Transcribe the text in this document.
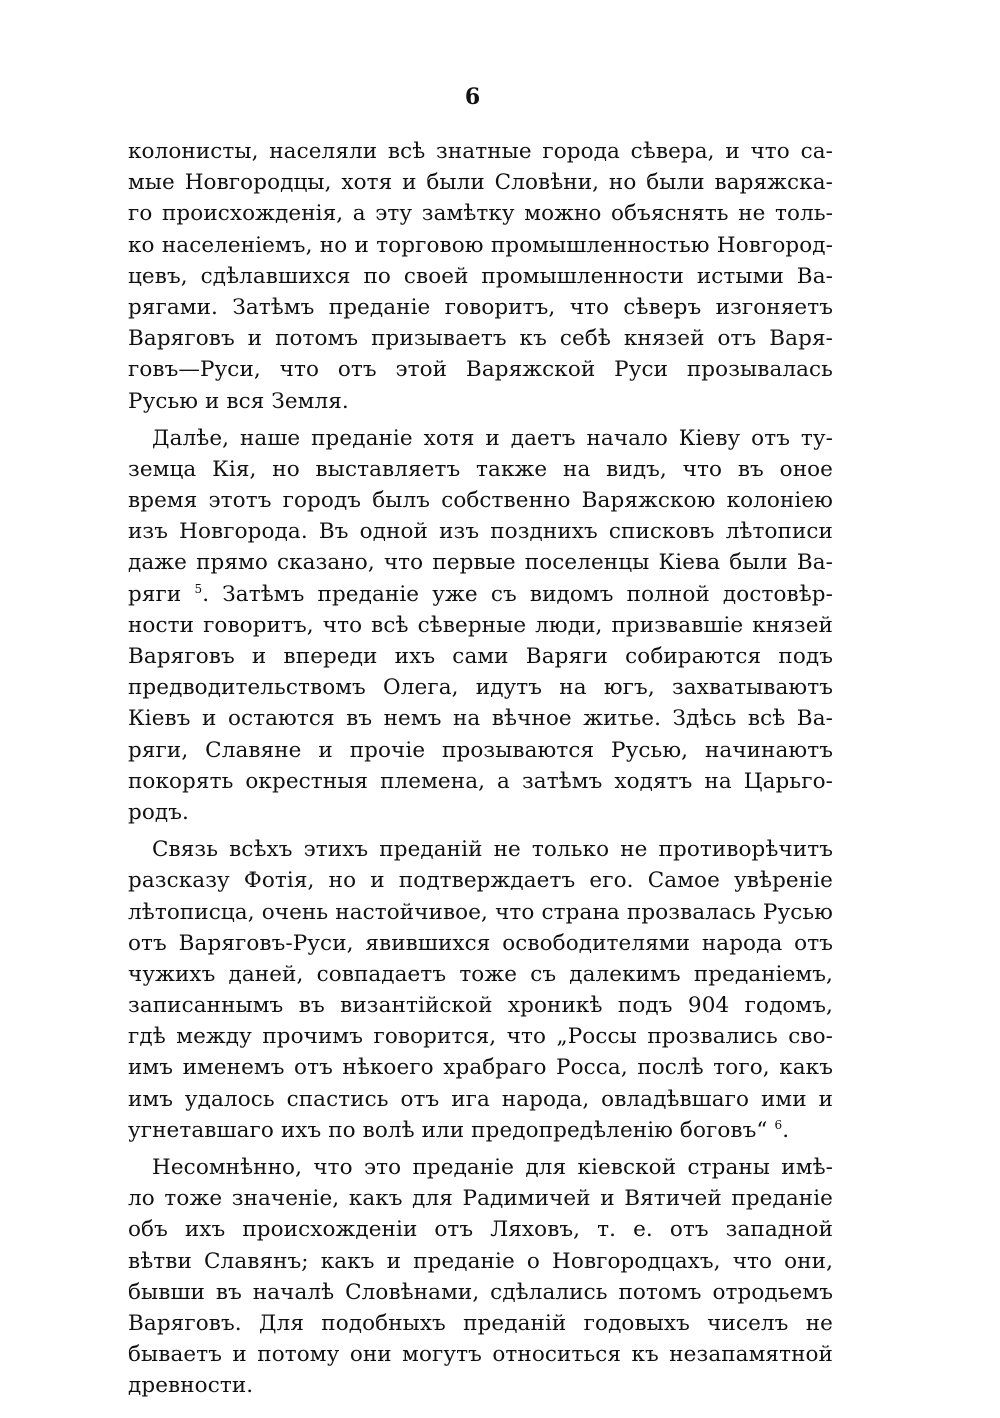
6

колонисты, населяли всѣ знатные города сѣвера, и что са-
мые Новгородцы, хотя и были Словѣни, но были варяжска-
го происхожденія, а эту замѣтку можно объяснять не толь-
ко населеніемъ, но и торговою промышленностью Новгород-
цевъ, сдѣлавшихся по своей промышленности истыми Ва-
рягами. Затѣмъ преданіе говоритъ, что сѣверъ изгоняетъ
Варяговъ и потомъ призываетъ къ себѣ князей отъ Варя-
говъ—Руси, что отъ этой Варяжской Руси прозывалась
Русью и вся Земля.

Далѣе, наше преданіе хотя и даетъ начало Кіеву отъ ту-
земца Кія, но выставляетъ также на видъ, что въ оное
время этотъ городъ былъ собственно Варяжскою колоніею
изъ Новгорода. Въ одной изъ позднихъ списковъ лѣтописи
даже прямо сказано, что первые поселенцы Кіева были Ва-
ряги $^5$. Затѣмъ преданіе уже съ видомъ полной достовѣр-
ности говоритъ, что всѣ сѣверные люди, призвавшіе князей
Варяговъ и впереди ихъ сами Варяги собираются подъ
предводительствомъ Олега, идутъ на югъ, захватываютъ
Кіевъ и остаются въ немъ на вѣчное житье. Здѣсь всѣ Ва-
ряги, Славяне и прочіе прозываются Русью, начинаютъ
покорять окрестныя племена, а затѣмъ ходятъ на Царьго-
родъ.

Связь всѣхъ этихъ преданій не только не противорѣчитъ
разсказу Фотія, но и подтверждаетъ его. Самое увѣреніе
лѣтописца, очень настойчивое, что страна прозвалась Русью
отъ Варяговъ-Руси, явившихся освободителями народа отъ
чужихъ даней, совпадаетъ тоже съ далекимъ преданіемъ,
записаннымъ въ византійской хроникѣ подъ 904 годомъ,
гдѣ между прочимъ говорится, что „Россы прозвались сво-
имъ именемъ отъ нѣкоего храбраго Росса, послѣ того, какъ
имъ удалось спастись отъ ига народа, овладѣвшаго ими и
угнетавшаго ихъ по волѣ или предопредѣленію боговъ“ $^6$.

Несомнѣнно, что это преданіе для кіевской страны имѣ-
ло тоже значеніе, какъ для Радимичей и Вятичей преданіе
объ ихъ происхожденіи отъ Ляховъ, т. е. отъ западной
вѣтви Славянъ; какъ и преданіе о Новгородцахъ, что они,
бывши въ началѣ Словѣнами, сдѣлались потомъ отродьемъ
Варяговъ. Для подобныхъ преданій годовыхъ чиселъ не
бываетъ и потому они могутъ относиться къ незапамятной
древности.
